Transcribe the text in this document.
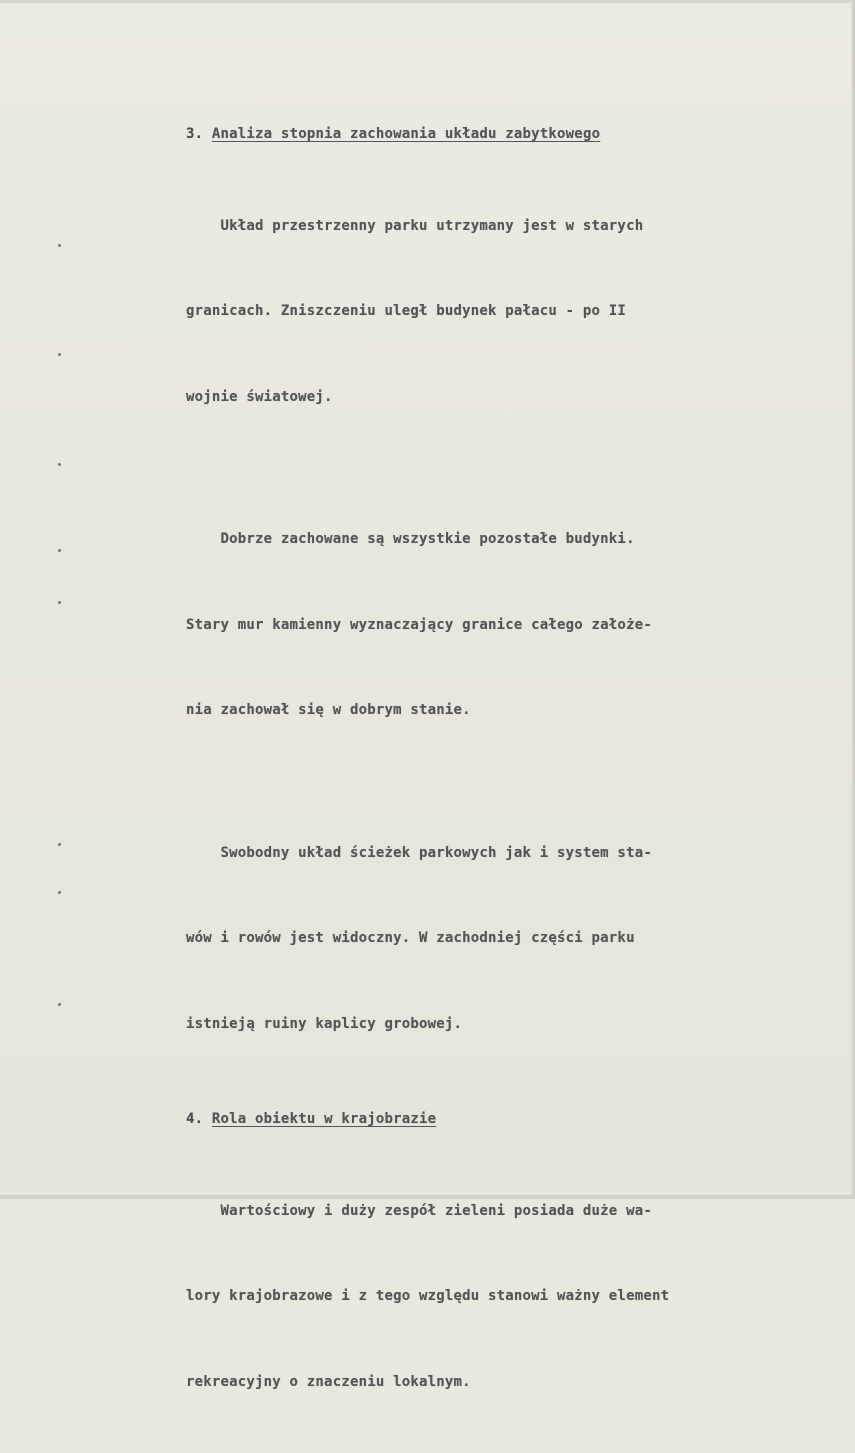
3. Analiza stopnia zachowania układu zabytkowego

Układ przestrzenny parku utrzymany jest w starych

granicach. Zniszczeniu uległ budynek pałacu - po II

wojnie światowej.

Dobrze zachowane są wszystkie pozostałe budynki.

Stary mur kamienny wyznaczający granice całego założe-

nia zachował się w dobrym stanie.

Swobodny układ ścieżek parkowych jak i system sta-

wów i rowów jest widoczny. W zachodniej części parku

istnieją ruiny kaplicy grobowej.

4. Rola obiektu w krajobrazie

Wartościowy i duży zespół zieleni posiada duże wa-

lory krajobrazowe i z tego względu stanowi ważny element

rekreacyjny o znaczeniu lokalnym.
